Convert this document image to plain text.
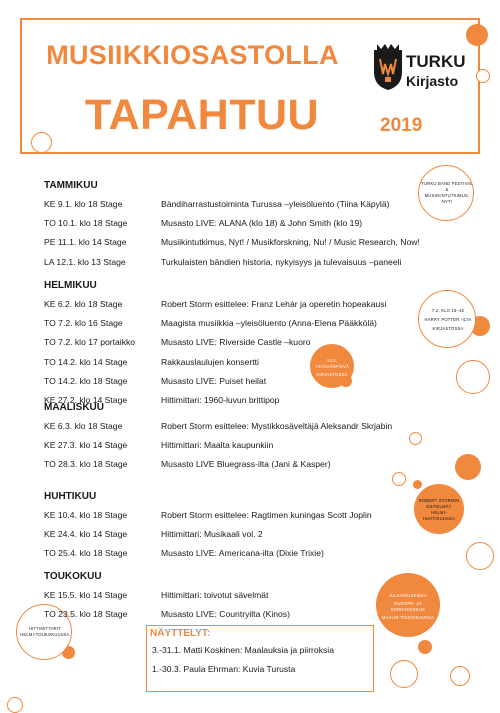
MUSIIKKIOSASTOLLA
TAPAHTUU	2019
TURKU
Kirjasto
TURKU BAND FESTIVAL
&
MUSIIKINTUTKIMUS, NYT!
7.2. KLO 16–18
HARRY POTTER -ILTA
KIRJASTOSSA
14.2. YSTÄVÄNPÄIVÄ
KIRJASTOSSA
ROBERT STORMIN
ESITELMÄT
HELMI-HUHTIKUUSSA
HITTIMITTARIT
HELMI-TOUKOKUUSSA
JULKAISUKEIKKA
EUROPE- JA KERHOKESKUS
MAALIS-TOUKOKUUSSA
TAMMIKUU
KE 9.1. klo 18 Stage	Bändiharrastustoiminta Turussa –yleisöluento (Tiina Käpylä)
TO 10.1. klo 18 Stage	Musasto LIVE: ALANA (klo 18) & John Smith (klo 19)
PE 11.1. klo 14 Stage	Musiikintutkimus, Nyt! / Musikforskning, Nu! / Music Research, Now!
LA 12.1. klo 13 Stage	Turkulaisten bändien historia, nykyisyys ja tulevaisuus –paneeli
HELMIKUU
KE 6.2. klo 18 Stage	Robert Storm esittelee: Franz Lehár ja operetin hopeakausi
TO 7.2. klo 16 Stage	Maagista musiikkia –yleisöluento (Anna-Elena Pääkkölä)
TO 7.2. klo 17 portaikko	Musasto LIVE: Riverside Castle –kuoro
TO 14.2. klo 14 Stage	Rakkauslaulujen konsertti
TO 14.2. klo 18 Stage	Musasto LIVE: Puiset heilat
KE 27.2. klo 14 Stage	Hittimittari: 1960-luvun brittipop
MAALISKUU
KE 6.3. klo 18 Stage	Robert Storm esittelee: Mystikkosäveltäjä Aleksandr Skrjabin
KE 27.3. klo 14 Stage	Hittimittari: Maalta kaupunkiin
TO 28.3. klo 18 Stage	Musasto LIVE Bluegrass-ilta (Jani & Kasper)
HUHTIKUU
KE 10.4. klo 18 Stage	Robert Storm esittelee: Ragtimen kuningas Scott Joplin
KE 24.4. klo 14 Stage	Hittimittari: Musikaali vol. 2
TO 25.4. klo 18 Stage	Musasto LIVE: Americana-ilta (Dixie Trixie)
TOUKOKUU
KE 15.5. klo 14 Stage	Hittimittari: toivotut sävelmät
TO 23.5. klo 18 Stage	Musasto LIVE: Countryilta (Kinos)
NÄYTTELYT:
3.-31.1. Matti Koskinen: Maalauksia ja piirroksia
1.-30.3. Paula Ehrman: Kuvia Turusta
